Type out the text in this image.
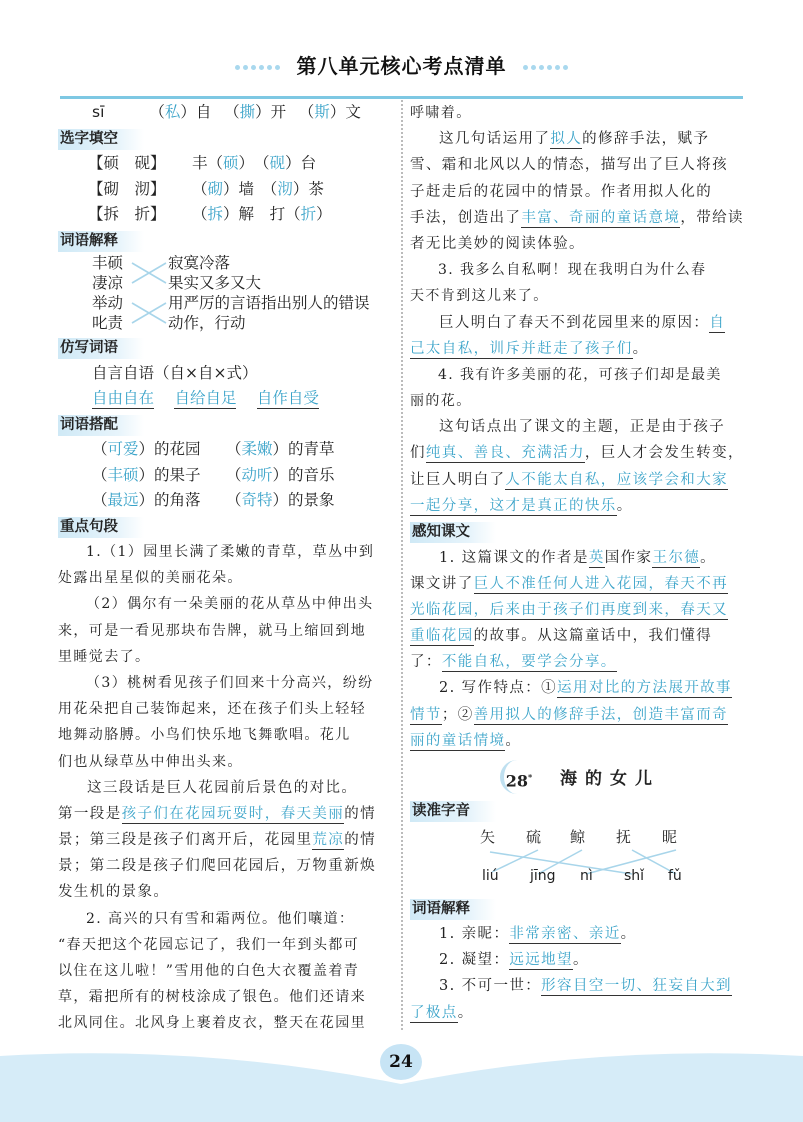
第八单元核心考点清单
sī	（私）自 　（撕）开 　（斯）文
选字填空
【硕　砚】 丰（硕）　（砚）台
【砌　沏】 （砌）墙　（沏）茶
【拆　折】 （拆）解　 打（折）
词语解释
丰硕
凄凉
举动
叱责
寂寞冷落
果实又多又大
用严厉的言语指出别人的错误
动作，行动
仿写词语
自言自语（自×自×式）
自由自在　 自给自足　 自作自受
词语搭配
（可爱）的花园 （柔嫩）的青草
（丰硕）的果子 （动听）的音乐
（最远）的角落 （奇特）的景象
重点句段
1.（1）园里长满了柔嫩的青草，草丛中到
处露出星星似的美丽花朵。
（2）偶尔有一朵美丽的花从草丛中伸出头
来，可是一看见那块布告牌，就马上缩回到地
里睡觉去了。
（3）桃树看见孩子们回来十分高兴，纷纷
用花朵把自己装饰起来，还在孩子们头上轻轻
地舞动胳膊。小鸟们快乐地飞舞歌唱。花儿
们也从绿草丛中伸出头来。
这三段话是巨人花园前后景色的对比。
第一段是孩子们在花园玩耍时，春天美丽的情
景；第三段是孩子们离开后，花园里荒凉的情
景；第二段是孩子们爬回花园后，万物重新焕
发生机的景象。
2. 高兴的只有雪和霜两位。他们嚷道：
“春天把这个花园忘记了，我们一年到头都可
以住在这儿啦！”雪用他的白色大衣覆盖着青
草，霜把所有的树枝涂成了银色。他们还请来
北风同住。北风身上裹着皮衣，整天在花园里
呼啸着。
这几句话运用了拟人的修辞手法，赋予
雪、霜和北风以人的情态，描写出了巨人将孩
子赶走后的花园中的情景。作者用拟人化的
手法，创造出了丰富、奇丽的童话意境，带给读
者无比美妙的阅读体验。
3. 我多么自私啊！现在我明白为什么春
天不肯到这儿来了。
巨人明白了春天不到花园里来的原因：自
己太自私，训斥并赶走了孩子们。
4. 我有许多美丽的花，可孩子们却是最美
丽的花。
这句话点出了课文的主题，正是由于孩子
们纯真、善良、充满活力，巨人才会发生转变，
让巨人明白了人不能太自私，应该学会和大家
一起分享，这才是真正的快乐。
感知课文
1. 这篇课文的作者是英国作家王尔德。
课文讲了巨人不准任何人进入花园，春天不再
光临花园，后来由于孩子们再度到来，春天又
重临花园的故事。从这篇童话中，我们懂得
了：不能自私，要学会分享。
2. 写作特点：①运用对比的方法展开故事
情节；②善用拟人的修辞手法，创造丰富而奇
丽的童话情境。
28* 海的女儿
读准字音
矢 硫 鲸 抚 昵
liú jīng nì shǐ fǔ
词语解释
1. 亲昵：非常亲密、亲近。
2. 凝望：远远地望。
3. 不可一世：形容目空一切、狂妄自大到
了极点。
24
